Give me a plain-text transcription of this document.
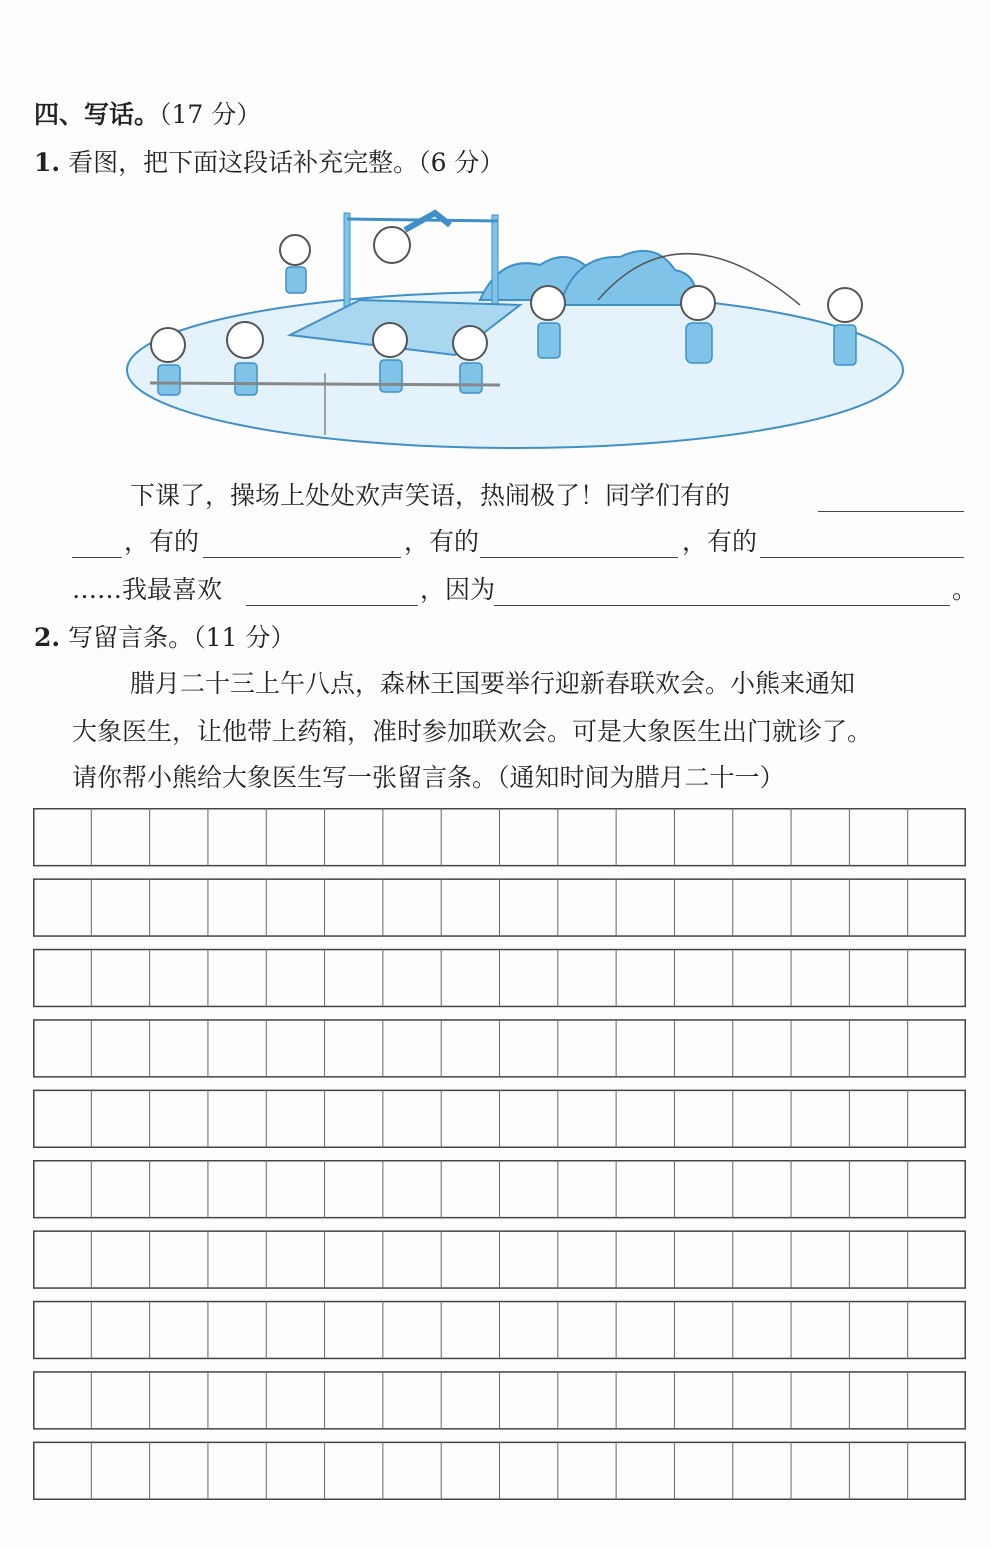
四、写话。（17 分）
1. 看图，把下面这段话补充完整。（6 分）
下课了，操场上处处欢声笑语，热闹极了！同学们有的
，有的	，有的	，有的
……我最喜欢	，因为	。
2. 写留言条。（11 分）
腊月二十三上午八点，森林王国要举行迎新春联欢会。小熊来通知
大象医生，让他带上药箱，准时参加联欢会。可是大象医生出门就诊了。
请你帮小熊给大象医生写一张留言条。（通知时间为腊月二十一）
